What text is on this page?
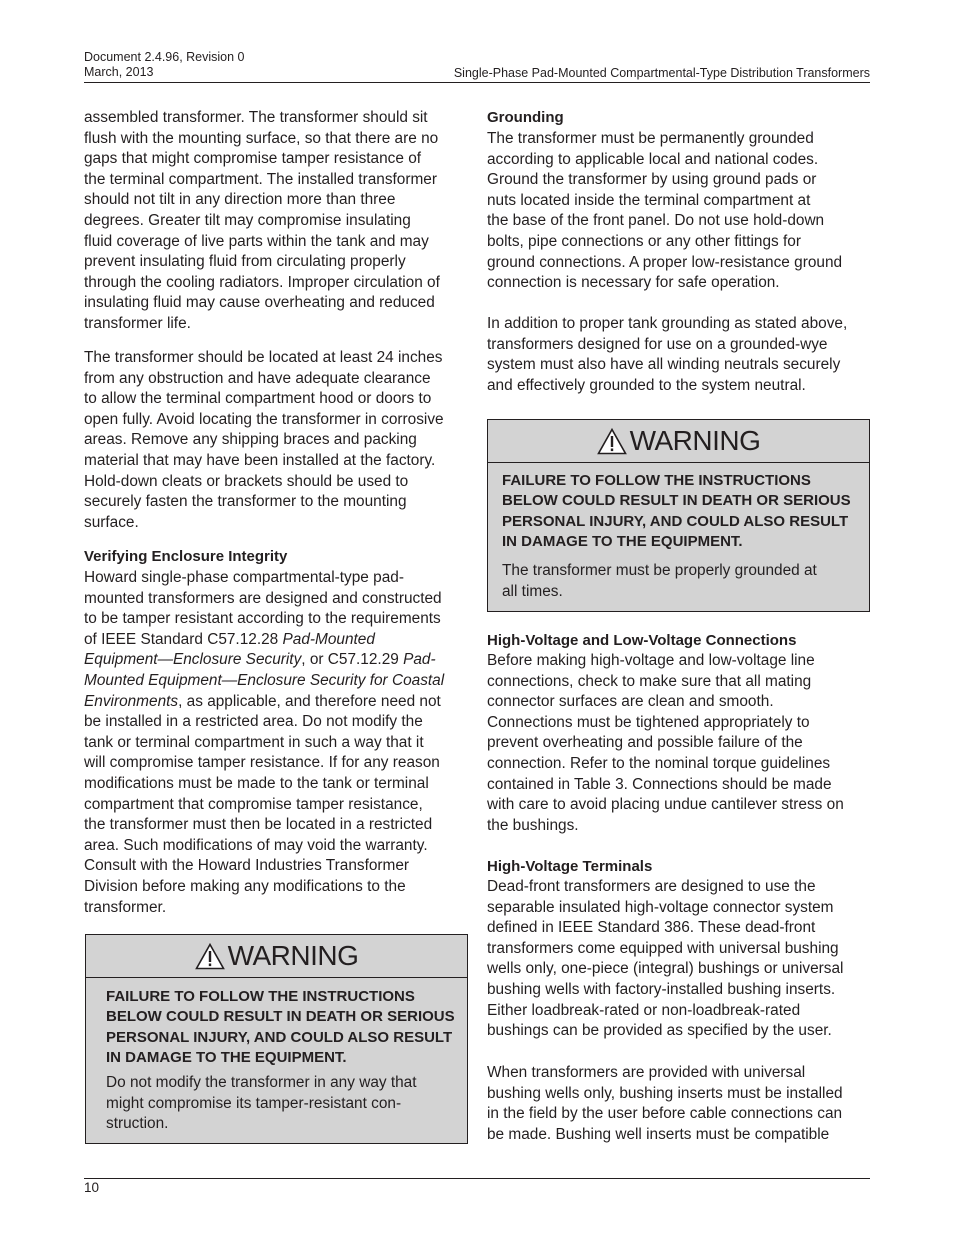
Document 2.4.96, Revision 0
March, 2013	Single-Phase Pad-Mounted Compartmental-Type Distribution Transformers
assembled transformer. The transformer should sit
flush with the mounting surface, so that there are no
gaps that might compromise tamper resistance of
the terminal compartment. The installed transformer
should not tilt in any direction more than three
degrees. Greater tilt may compromise insulating
fluid coverage of live parts within the tank and may
prevent insulating fluid from circulating properly
through the cooling radiators. Improper circulation of
insulating fluid may cause overheating and reduced
transformer life.
The transformer should be located at least 24 inches
from any obstruction and have adequate clearance
to allow the terminal compartment hood or doors to
open fully. Avoid locating the transformer in corrosive
areas. Remove any shipping braces and packing
material that may have been installed at the factory.
Hold-down cleats or brackets should be used to
securely fasten the transformer to the mounting
surface.
Verifying Enclosure Integrity
Howard single-phase compartmental-type pad-
mounted transformers are designed and constructed
to be tamper resistant according to the requirements
of IEEE Standard C57.12.28 Pad-Mounted
Equipment—Enclosure Security, or C57.12.29 Pad-
Mounted Equipment—Enclosure Security for Coastal
Environments, as applicable, and therefore need not
be installed in a restricted area. Do not modify the
tank or terminal compartment in such a way that it
will compromise tamper resistance. If for any reason
modifications must be made to the tank or terminal
compartment that compromise tamper resistance,
the transformer must then be located in a restricted
area. Such modifications of may void the warranty.
Consult with the Howard Industries Transformer
Division before making any modifications to the
transformer.
WARNING
FAILURE TO FOLLOW THE INSTRUCTIONS
BELOW COULD RESULT IN DEATH OR SERIOUS
PERSONAL INJURY, AND COULD ALSO RESULT
IN DAMAGE TO THE EQUIPMENT.
Do not modify the transformer in any way that
might compromise its tamper-resistant con-
struction.
Grounding
The transformer must be permanently grounded
according to applicable local and national codes.
Ground the transformer by using ground pads or
nuts located inside the terminal compartment at
the base of the front panel. Do not use hold-down
bolts, pipe connections or any other fittings for
ground connections. A proper low-resistance ground
connection is necessary for safe operation.
In addition to proper tank grounding as stated above,
transformers designed for use on a grounded-wye
system must also have all winding neutrals securely
and effectively grounded to the system neutral.
WARNING
FAILURE TO FOLLOW THE INSTRUCTIONS
BELOW COULD RESULT IN DEATH OR SERIOUS
PERSONAL INJURY, AND COULD ALSO RESULT
IN DAMAGE TO THE EQUIPMENT.
The transformer must be properly grounded at
all times.
High-Voltage and Low-Voltage Connections
Before making high-voltage and low-voltage line
connections, check to make sure that all mating
connector surfaces are clean and smooth.
Connections must be tightened appropriately to
prevent overheating and possible failure of the
connection. Refer to the nominal torque guidelines
contained in Table 3. Connections should be made
with care to avoid placing undue cantilever stress on
the bushings.
High-Voltage Terminals
Dead-front transformers are designed to use the
separable insulated high-voltage connector system
defined in IEEE Standard 386. These dead-front
transformers come equipped with universal bushing
wells only, one-piece (integral) bushings or universal
bushing wells with factory-installed bushing inserts.
Either loadbreak-rated or non-loadbreak-rated
bushings can be provided as specified by the user.
When transformers are provided with universal
bushing wells only, bushing inserts must be installed
in the field by the user before cable connections can
be made. Bushing well inserts must be compatible
10
